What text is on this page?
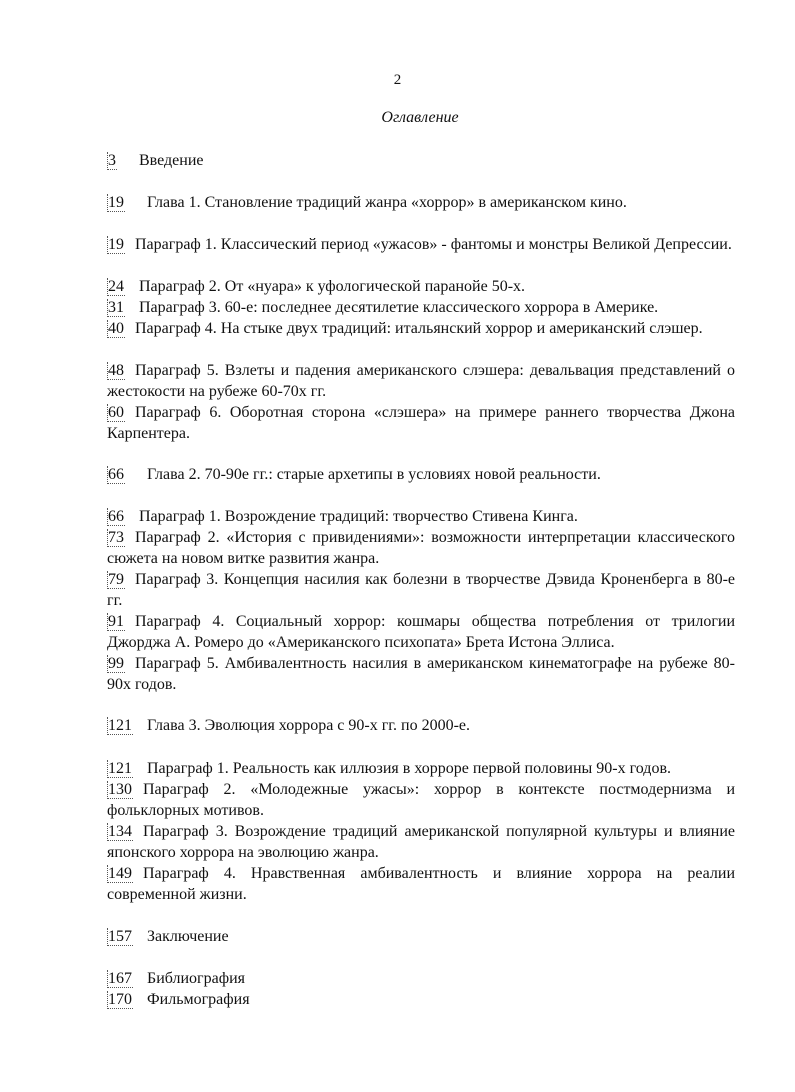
2
Оглавление
3 Введение
19 Глава 1. Становление традиций жанра «хоррор» в американском кино.
19 Параграф 1. Классический период «ужасов» - фантомы и монстры Великой Депрессии.
24 Параграф 2. От «нуара» к уфологической паранойе 50-х.
31 Параграф 3. 60-е: последнее десятилетие классического хоррора в Америке.
40 Параграф 4. На стыке двух традиций: итальянский хоррор и американский слэшер.
48 Параграф 5. Взлеты и падения американского слэшера: девальвация представлений о жестокости на рубеже 60-70х гг.
60 Параграф 6. Оборотная сторона «слэшера» на примере раннего творчества Джона Карпентера.
66 Глава 2. 70-90е гг.: старые архетипы в условиях новой реальности.
66 Параграф 1. Возрождение традиций: творчество Стивена Кинга.
73 Параграф 2. «История с привидениями»: возможности интерпретации классического сюжета на новом витке развития жанра.
79 Параграф 3. Концепция насилия как болезни в творчестве Дэвида Кроненберга в 80-е гг.
91 Параграф 4. Социальный хоррор: кошмары общества потребления от трилогии Джорджа А. Ромеро до «Американского психопата» Брета Истона Эллиса.
99 Параграф 5. Амбивалентность насилия в американском кинематографе на рубеже 80-90х годов.
121 Глава 3. Эволюция хоррора с 90-х гг. по 2000-е.
121 Параграф 1. Реальность как иллюзия в хорроре первой половины 90-х годов.
130 Параграф 2. «Молодежные ужасы»: хоррор в контексте постмодернизма и фольклорных мотивов.
134 Параграф 3. Возрождение традиций американской популярной культуры и влияние японского хоррора на эволюцию жанра.
149 Параграф 4. Нравственная амбивалентность и влияние хоррора на реалии современной жизни.
157 Заключение
167 Библиография
170 Фильмография
